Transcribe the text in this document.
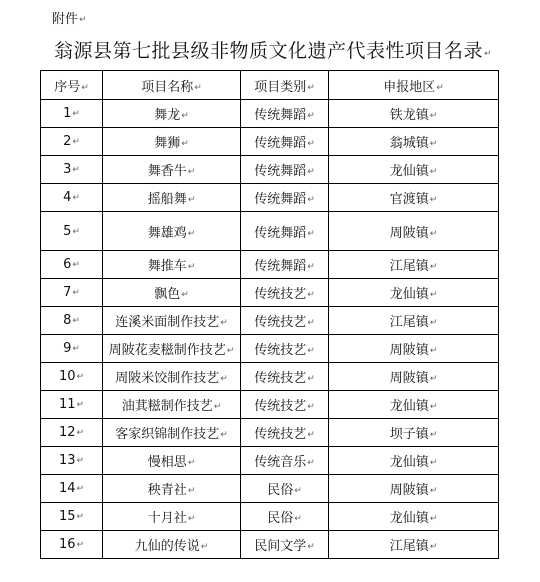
附件↵
翁源县第七批县级非物质文化遗产代表性项目名录↵
序号↵	项目名称↵	项目类别↵	申报地区↵
1↵	舞龙↵	传统舞蹈↵	铁龙镇↵
2↵	舞狮↵	传统舞蹈↵	翁城镇↵
3↵	舞香牛↵	传统舞蹈↵	龙仙镇↵
4↵	摇船舞↵	传统舞蹈↵	官渡镇↵
5↵	舞雄鸡↵	传统舞蹈↵	周陂镇↵
6↵	舞推车↵	传统舞蹈↵	江尾镇↵
7↵	飘色↵	传统技艺↵	龙仙镇↵
8↵	连溪米面制作技艺↵	传统技艺↵	江尾镇↵
9↵	周陂花麦糍制作技艺↵	传统技艺↵	周陂镇↵
10↵	周陂米饺制作技艺↵	传统技艺↵	周陂镇↵
11↵	油萁糍制作技艺↵	传统技艺↵	龙仙镇↵
12↵	客家织锦制作技艺↵	传统技艺↵	坝子镇↵
13↵	慢相思↵	传统音乐↵	龙仙镇↵
14↵	秧青社↵	民俗↵	周陂镇↵
15↵	十月社↵	民俗↵	龙仙镇↵
16↵	九仙的传说↵	民间文学↵	江尾镇↵
